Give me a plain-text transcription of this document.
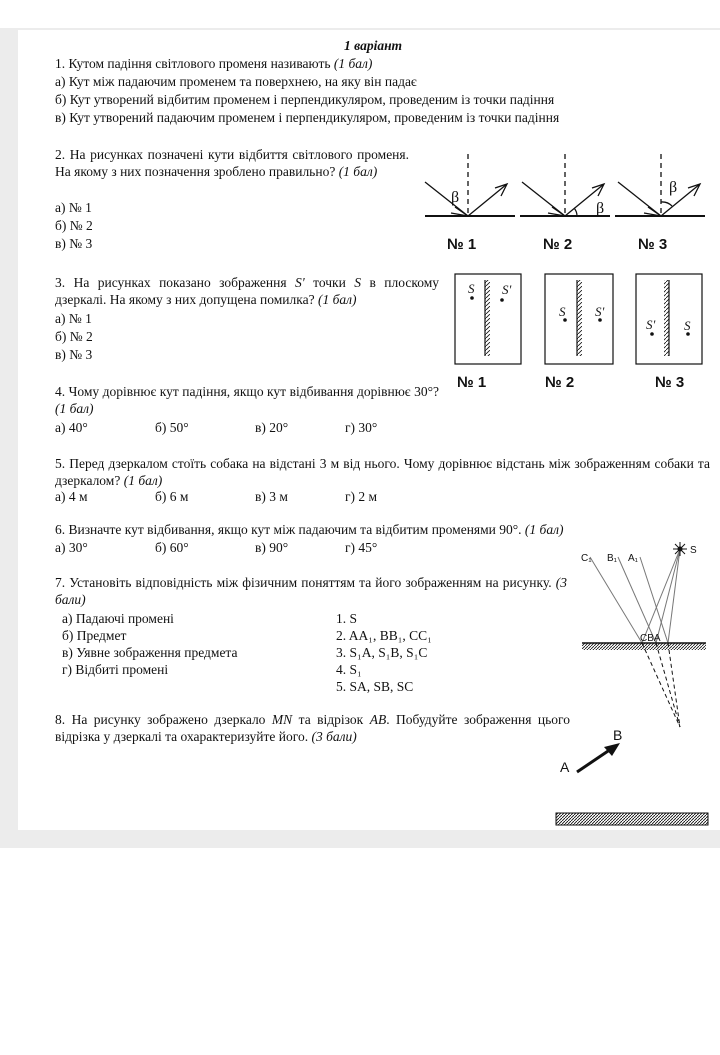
1 варіант
1. Кутом падіння світлового променя називають (1 бал)
а) Кут між падаючим променем та поверхнею, на яку він падає
б) Кут утворений відбитим променем і перпендикуляром, проведеним із точки падіння
в) Кут утворений падаючим променем і перпендикуляром, проведеним із точки падіння
2. На рисунках позначені кути відбиття світлового променя. На якому з них позначення зроблено правильно? (1 бал)
а) № 1
б) № 2
в) № 3
β
β
β
№ 1	№ 2	№ 3
3. На рисунках показано зображення S' точки S в плоскому дзеркалі. На якому з них допущена помилка? (1 бал)
а) № 1
б) № 2
в) № 3
S S'
S S'
S' S
№ 1	№ 2	№ 3
4. Чому дорівнює кут падіння, якщо кут відбивання дорівнює 30°? (1 бал)
а) 40°	б) 50°	в) 20°	г) 30°
5. Перед дзеркалом стоїть собака на відстані 3 м від нього. Чому дорівнює відстань між зображенням собаки та дзеркалом? (1 бал)
а) 4 м	б) 6 м	в) 3 м	г) 2 м
6. Визначте кут відбивання, якщо кут між падаючим та відбитим променями 90°. (1 бал)
а) 30°	б) 60°	в) 90°	г) 45°
7. Установіть відповідність між фізичним поняттям та його зображенням на рисунку. (3 бали)
а) Падаючі промені
б) Предмет
в) Уявне зображення предмета
г) Відбиті промені
1. S
2. AA₁, BB₁, CC₁
3. S₁A, S₁B, S₁C
4. S₁
5. SA, SB, SC
S
C₁ B₁ A₁
CBA
8. На рисунку зображено дзеркало MN та відрізок AB. Побудуйте зображення цього відрізка у дзеркалі та охарактеризуйте його. (3 бали)
A
B
